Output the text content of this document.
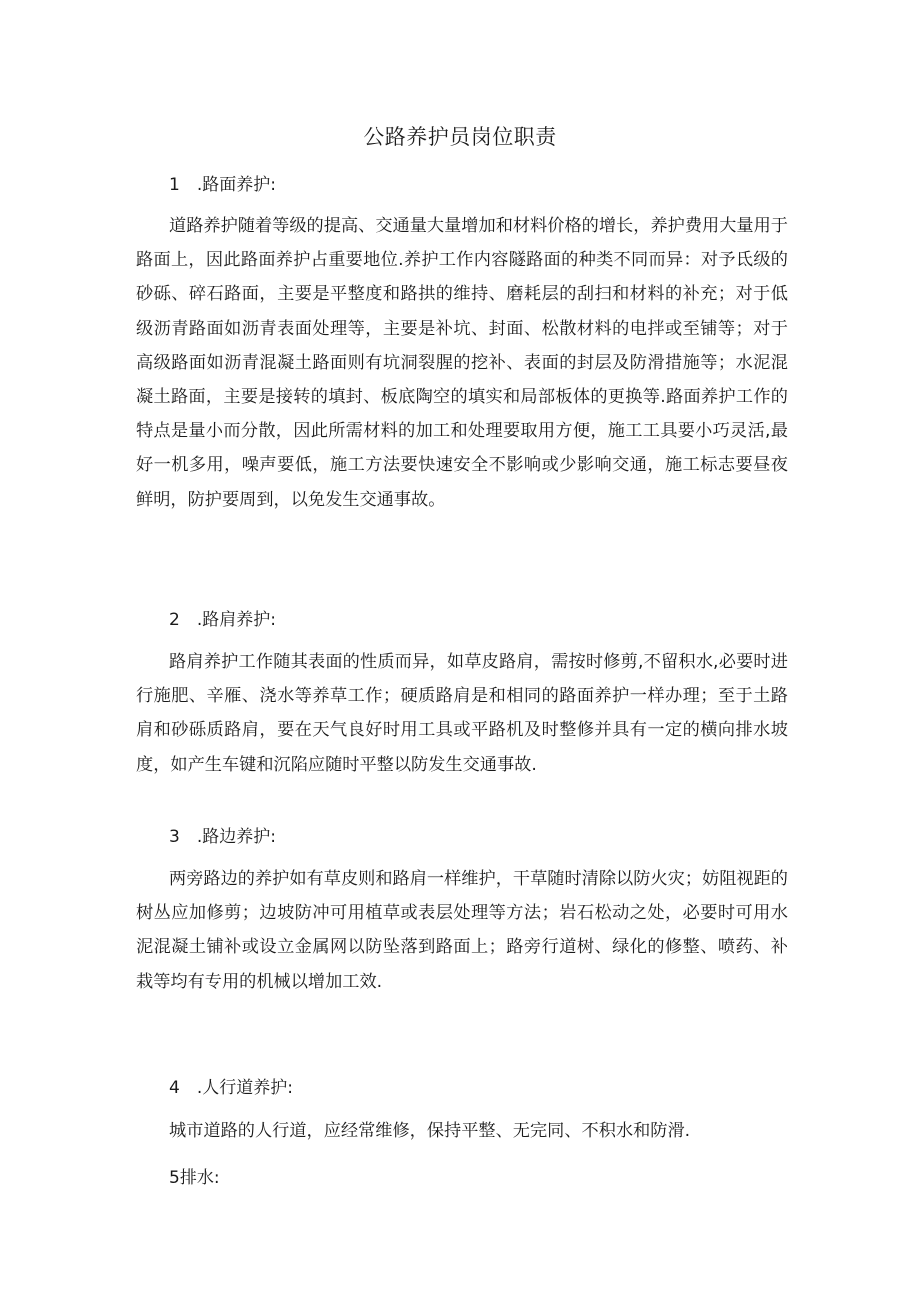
公路养护员岗位职责
1　.路面养护:

道路养护随着等级的提高、交通量大量增加和材料价格的增长，养护费用大量用于路面上，因此路面养护占重要地位.养护工作内容隧路面的种类不同而异：对予氐级的砂砾、碎石路面，主要是平整度和路拱的维持、磨耗层的刮扫和材料的补充；对于低级沥青路面如沥青表面处理等，主要是补坑、封面、松散材料的电拌或至铺等；对于高级路面如沥青混凝土路面则有坑洞裂腥的挖补、表面的封层及防滑措施等；水泥混凝土路面，主要是接转的填封、板底陶空的填实和局部板体的更换等.路面养护工作的特点是量小而分散，因此所需材料的加工和处理要取用方便，施工工具要小巧灵活,最好一机多用，噪声要低，施工方法要快速安全不影响或少影响交通，施工标志要昼夜鲜明，防护要周到，以免发生交通事故。

2　.路肩养护:

路肩养护工作随其表面的性质而异，如草皮路肩，需按时修剪,不留积水,必要时进行施肥、辛雁、浇水等养草工作；硬质路肩是和相同的路面养护一样办理；至于土路肩和砂砾质路肩，要在天气良好时用工具或平路机及时整修并具有一定的横向排水坡度，如产生车键和沉陷应随时平整以防发生交通事故.

3　.路边养护:

两旁路边的养护如有草皮则和路肩一样维护，干草随时清除以防火灾；妨阻视距的树丛应加修剪；边坡防冲可用植草或表层处理等方法；岩石松动之处，必要时可用水泥混凝土铺补或设立金属网以防坠落到路面上；路旁行道树、绿化的修整、喷药、补栽等均有专用的机械以增加工效.

4　.人行道养护:

城市道路的人行道，应经常维修，保持平整、无完同、不积水和防滑.

5排水:
